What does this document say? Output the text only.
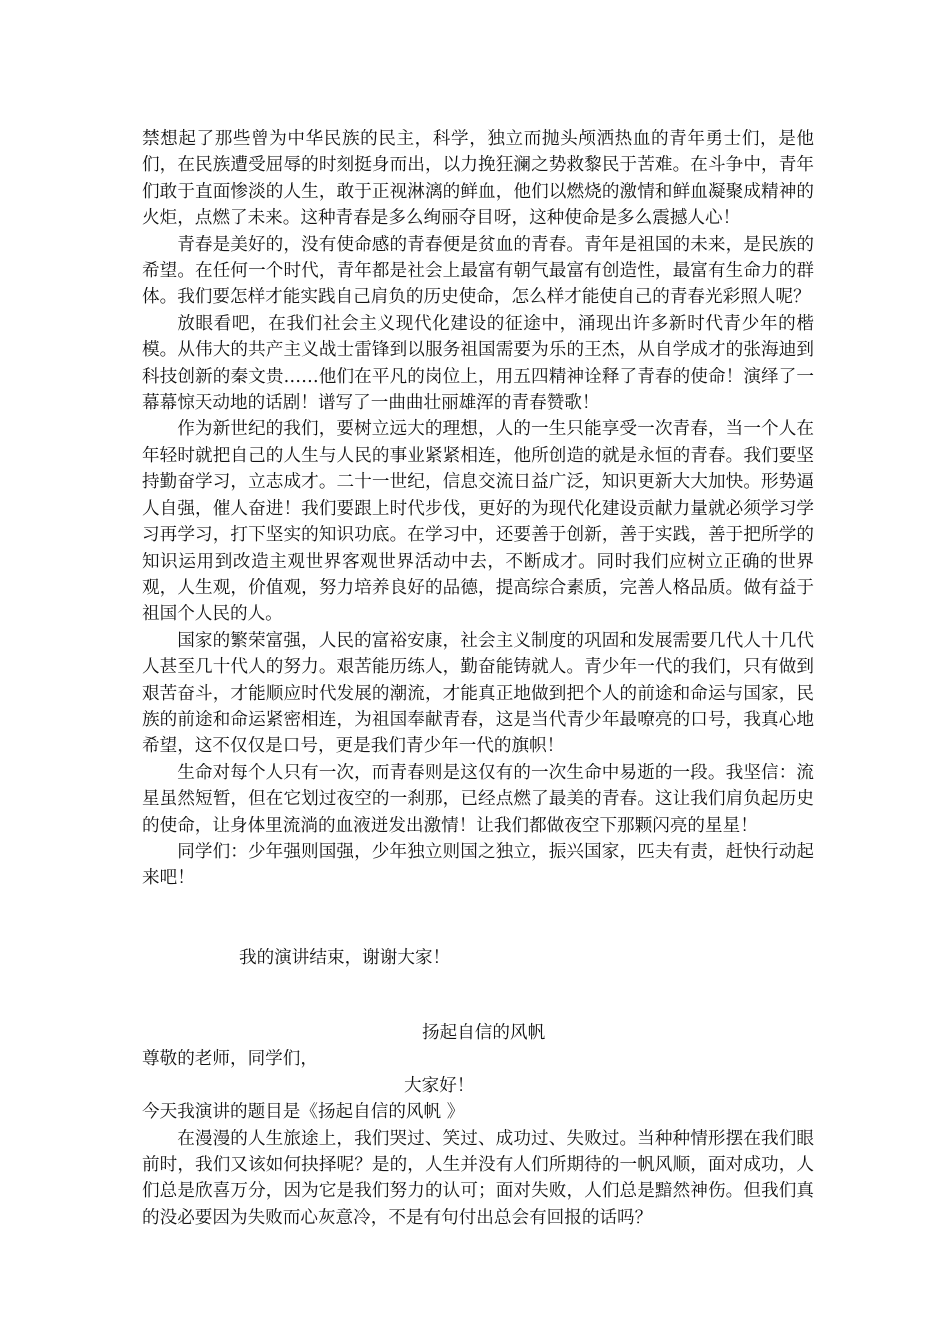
禁想起了那些曾为中华民族的民主，科学，独立而抛头颅洒热血的青年勇士们，是他们，在民族遭受屈辱的时刻挺身而出，以力挽狂澜之势救黎民于苦难。在斗争中，青年们敢于直面惨淡的人生，敢于正视淋漓的鲜血，他们以燃烧的激情和鲜血凝聚成精神的火炬，点燃了未来。这种青春是多么绚丽夺目呀，这种使命是多么震撼人心！

青春是美好的，没有使命感的青春便是贫血的青春。青年是祖国的未来，是民族的希望。在任何一个时代，青年都是社会上最富有朝气最富有创造性，最富有生命力的群体。我们要怎样才能实践自己肩负的历史使命，怎么样才能使自己的青春光彩照人呢？

放眼看吧，在我们社会主义现代化建设的征途中，涌现出许多新时代青少年的楷模。从伟大的共产主义战士雷锋到以服务祖国需要为乐的王杰，从自学成才的张海迪到科技创新的秦文贵……他们在平凡的岗位上，用五四精神诠释了青春的使命！演绎了一幕幕惊天动地的话剧！谱写了一曲曲壮丽雄浑的青春赞歌！

作为新世纪的我们，要树立远大的理想，人的一生只能享受一次青春，当一个人在年轻时就把自己的人生与人民的事业紧紧相连，他所创造的就是永恒的青春。我们要坚持勤奋学习，立志成才。二十一世纪，信息交流日益广泛，知识更新大大加快。形势逼人自强，催人奋进！我们要跟上时代步伐，更好的为现代化建设贡献力量就必须学习学习再学习，打下坚实的知识功底。在学习中，还要善于创新，善于实践，善于把所学的知识运用到改造主观世界客观世界活动中去，不断成才。同时我们应树立正确的世界观，人生观，价值观，努力培养良好的品德，提高综合素质，完善人格品质。做有益于祖国个人民的人。

国家的繁荣富强，人民的富裕安康，社会主义制度的巩固和发展需要几代人十几代人甚至几十代人的努力。艰苦能历练人，勤奋能铸就人。青少年一代的我们，只有做到艰苦奋斗，才能顺应时代发展的潮流，才能真正地做到把个人的前途和命运与国家，民族的前途和命运紧密相连，为祖国奉献青春，这是当代青少年最嘹亮的口号，我真心地希望，这不仅仅是口号，更是我们青少年一代的旗帜！

生命对每个人只有一次，而青春则是这仅有的一次生命中易逝的一段。我坚信：流星虽然短暂，但在它划过夜空的一刹那，已经点燃了最美的青春。这让我们肩负起历史的使命，让身体里流淌的血液迸发出激情！让我们都做夜空下那颗闪亮的星星！

同学们：少年强则国强，少年独立则国之独立，振兴国家，匹夫有责，赶快行动起来吧！

我的演讲结束，谢谢大家！

扬起自信的风帆

尊敬的老师，同学们，

大家好！

今天我演讲的题目是《扬起自信的风帆 》

在漫漫的人生旅途上，我们哭过、笑过、成功过、失败过。当种种情形摆在我们眼前时，我们又该如何抉择呢？是的，人生并没有人们所期待的一帆风顺，面对成功，人们总是欣喜万分，因为它是我们努力的认可；面对失败，人们总是黯然神伤。但我们真的没必要因为失败而心灰意冷，不是有句付出总会有回报的话吗？
